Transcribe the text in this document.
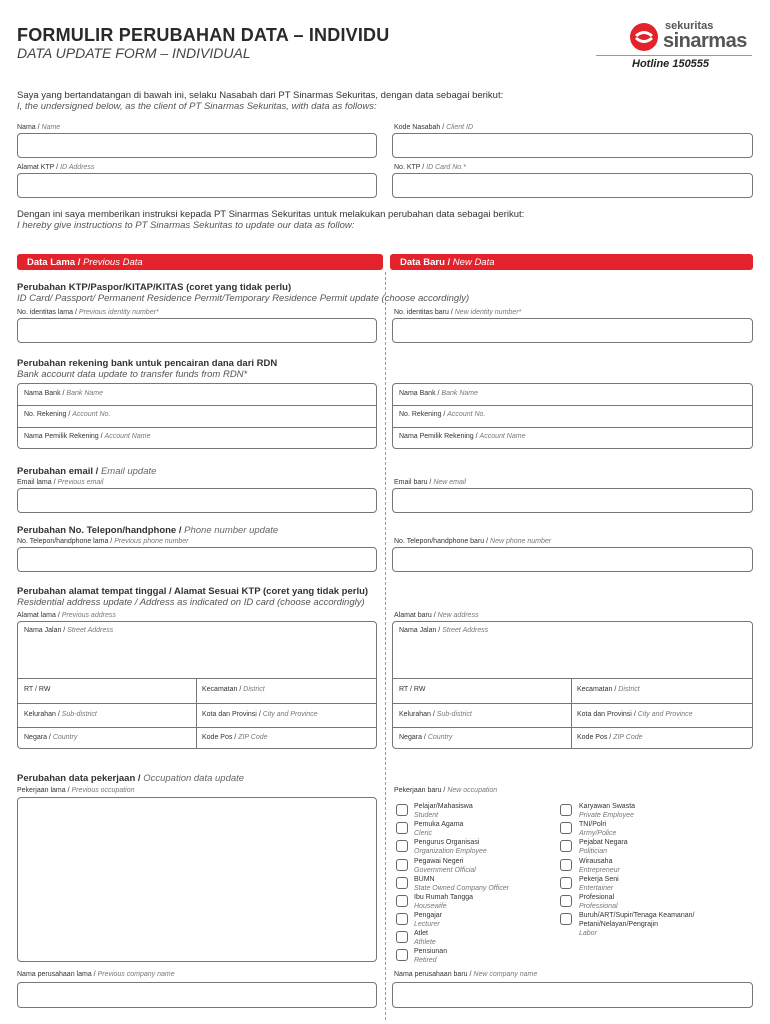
FORMULIR PERUBAHAN DATA – INDIVIDU
DATA UPDATE FORM – INDIVIDUAL
sekuritas
sinarmas
Hotline 150555
Saya yang bertandatangan di bawah ini, selaku Nasabah dari PT Sinarmas Sekuritas, dengan data sebagai berikut:
I, the undersigned below, as the client of PT Sinarmas Sekuritas, with data as follows:
Nama / Name	Kode Nasabah / Client ID
Alamat KTP / ID Address	No. KTP / ID Card No.*
Dengan ini saya memberikan instruksi kepada PT Sinarmas Sekuritas untuk melakukan perubahan data sebagai berikut:
I hereby give instructions to PT Sinarmas Sekuritas to update our data as follow:
Data Lama / Previous Data	Data Baru / New Data
Perubahan KTP/Paspor/KITAP/KITAS (coret yang tidak perlu)
ID Card/ Passport/ Permanent Residence Permit/Temporary Residence Permit update (choose accordingly)
No. identitas lama / Previous identity number*	No. identitas baru / New identity number*
Perubahan rekening bank untuk pencairan dana dari RDN
Bank account data update to transfer funds from RDN*
Nama Bank / Bank Name
No. Rekening / Account No.
Nama Pemilik Rekening / Account Name
Nama Bank / Bank Name
No. Rekening / Account No.
Nama Pemilik Rekening / Account Name
Perubahan email / Email update
Email lama / Previous email	Email baru / New email
Perubahan No. Telepon/handphone / Phone number update
No. Telepon/handphone lama / Previous phone number	No. Telepon/handphone baru / New phone number
Perubahan alamat tempat tinggal / Alamat Sesuai KTP (coret yang tidak perlu)
Residential address update / Address as indicated on ID card (choose accordingly)
Alamat lama / Previous address	Alamat baru / New address
Nama Jalan / Street Address
RT / RW	Kecamatan / District
Kelurahan / Sub-district	Kota dan Provinsi / City and Province
Negara / Country	Kode Pos / ZIP Code
Nama Jalan / Street Address
RT / RW	Kecamatan / District
Kelurahan / Sub-district	Kota dan Provinsi / City and Province
Negara / Country	Kode Pos / ZIP Code
Perubahan data pekerjaan / Occupation data update
Pekerjaan lama / Previous occupation	Pekerjaan baru / New occupation
Pelajar/Mahasiswa
Student
Pemuka Agama
Cleric
Pengurus Organisasi
Organization Employee
Pegawai Negeri
Government Official
BUMN
State Owned Company Officer
Ibu Rumah Tangga
Housewife
Pengajar
Lecturer
Atlet
Athlete
Pensiunan
Retired
Karyawan Swasta
Private Employee
TNI/Polri
Army/Police
Pejabat Negara
Politician
Wirausaha
Entrepreneur
Pekerja Seni
Entertainer
Profesional
Professional
Buruh/ART/Supir/Tenaga Keamanan/
Petani/Nelayan/Pengrajin
Labor
Nama perusahaan lama / Previous company name	Nama perusahaan baru / New company name
